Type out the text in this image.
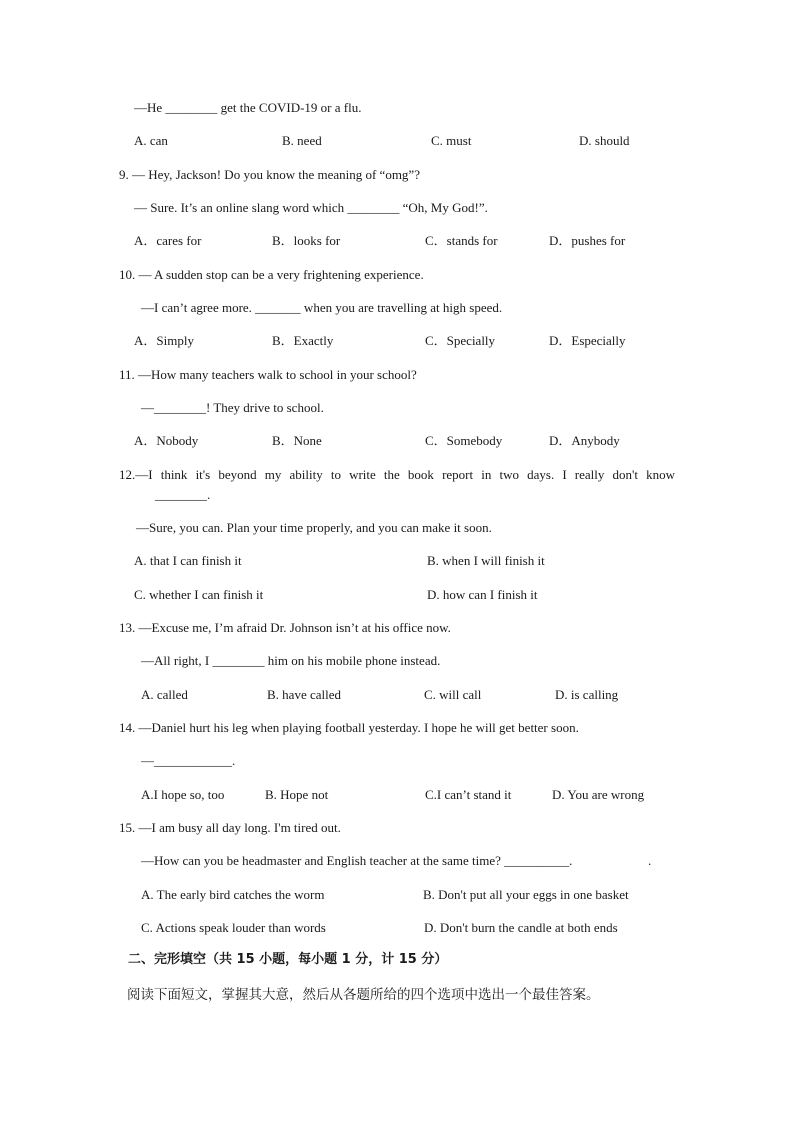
—He ________ get the COVID-19 or a flu.
A. can	B. need	C. must	D. should
9. — Hey, Jackson! Do you know the meaning of “omg”?
— Sure. It’s an online slang word which ________ “Oh, My God!”.
A．cares for	B．looks for	C．stands for	D．pushes for
10. — A sudden stop can be a very frightening experience.
—I can’t agree more. _______ when you are travelling at high speed.
A．Simply	B．Exactly	C．Specially	D．Especially
11. —How many teachers walk to school in your school?
—________! They drive to school.
A．Nobody	B．None	C．Somebody	D．Anybody
12.—I think it's beyond my ability to write the book report in two days. I really don't know
________.
—Sure, you can. Plan your time properly, and you can make it soon.
A. that I can finish it	B. when I will finish it
C. whether I can finish it	D. how can I finish it
13. —Excuse me, I’m afraid Dr. Johnson isn’t at his office now.
—All right, I ________ him on his mobile phone instead.
A. called	B. have called	C. will call	D. is calling
14. —Daniel hurt his leg when playing football yesterday. I hope he will get better soon.
—____________.
A.I hope so, too	B. Hope not	C.I can’t stand it	D. You are wrong
15. —I am busy all day long. I'm tired out.
—How can you be headmaster and English teacher at the same time? __________.	.
A. The early bird catches the worm	B. Don't put all your eggs in one basket
C. Actions speak louder than words	D. Don't burn the candle at both ends
二、完形填空（共 15 小题，每小题 1 分，计 15 分）
阅读下面短文，掌握其大意，然后从各题所给的四个选项中选出一个最佳答案。
